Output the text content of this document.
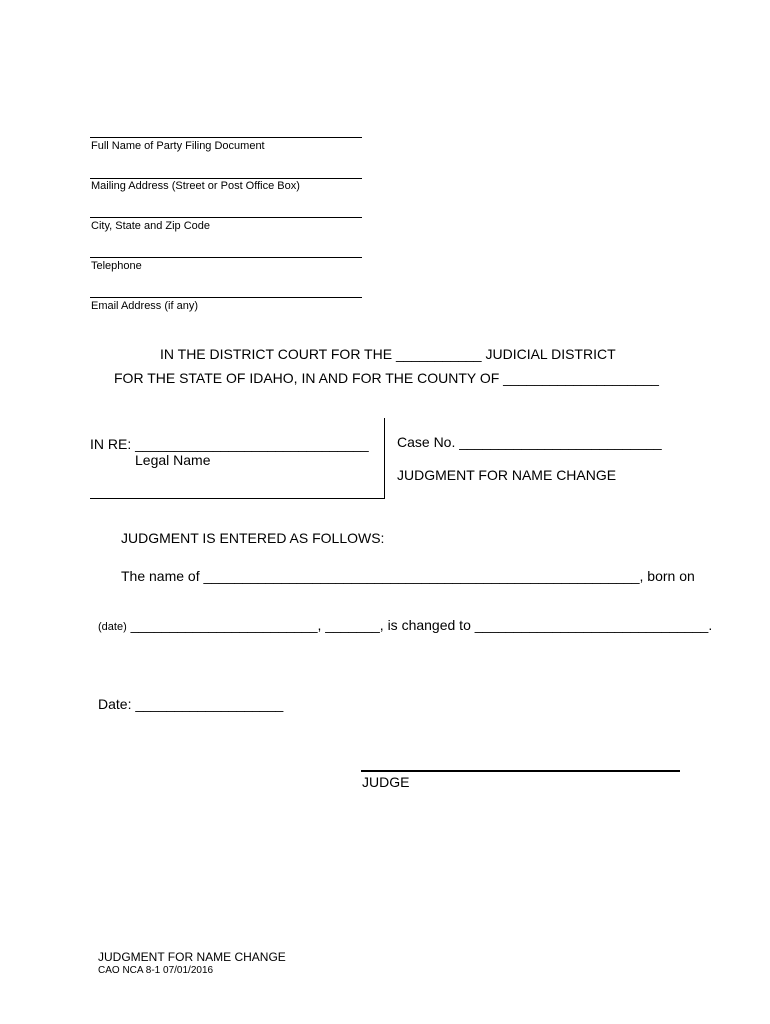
Full Name of Party Filing Document
Mailing Address (Street or Post Office Box)
City, State and Zip Code
Telephone
Email Address (if any)
IN THE DISTRICT COURT FOR THE ___________ JUDICIAL DISTRICT
FOR THE STATE OF IDAHO, IN AND FOR THE COUNTY OF ____________________
IN RE: ______________________________
Legal Name
Case No. __________________________
JUDGMENT FOR NAME CHANGE
JUDGMENT IS ENTERED AS FOLLOWS:
The name of ________________________________________________________, born on
(date) ________________________, _______, is changed to ______________________________.
Date: ___________________
JUDGE
JUDGMENT FOR NAME CHANGE
CAO NCA 8-1 07/01/2016
